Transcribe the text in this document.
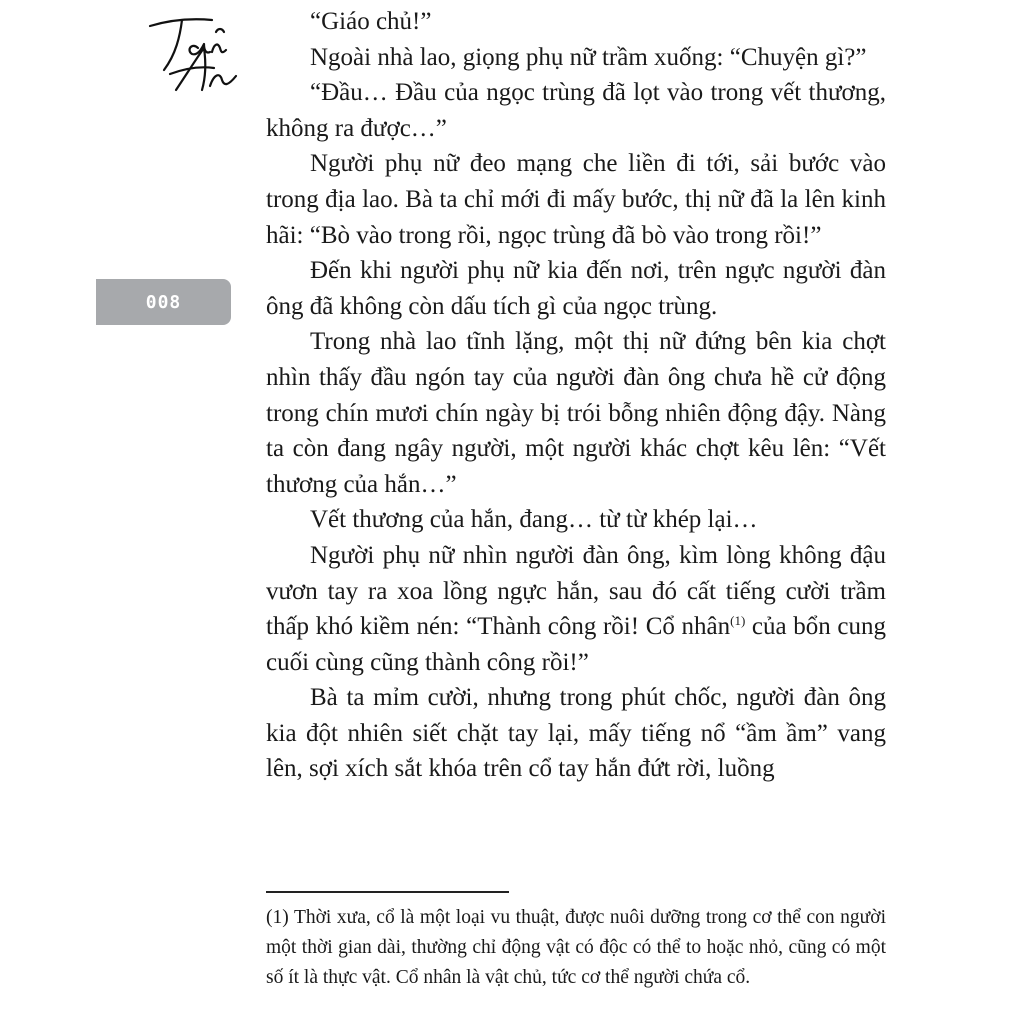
008

“Giáo chủ!”

Ngoài nhà lao, giọng phụ nữ trầm xuống: “Chuyện gì?”

“Đầu… Đầu của ngọc trùng đã lọt vào trong vết thương, không ra được…”

Người phụ nữ đeo mạng che liền đi tới, sải bước vào trong địa lao. Bà ta chỉ mới đi mấy bước, thị nữ đã la lên kinh hãi: “Bò vào trong rồi, ngọc trùng đã bò vào trong rồi!”

Đến khi người phụ nữ kia đến nơi, trên ngực người đàn ông đã không còn dấu tích gì của ngọc trùng.

Trong nhà lao tĩnh lặng, một thị nữ đứng bên kia chợt nhìn thấy đầu ngón tay của người đàn ông chưa hề cử động trong chín mươi chín ngày bị trói bỗng nhiên động đậy. Nàng ta còn đang ngây người, một người khác chợt kêu lên: “Vết thương của hắn…”

Vết thương của hắn, đang… từ từ khép lại…

Người phụ nữ nhìn người đàn ông, kìm lòng không đậu vươn tay ra xoa lồng ngực hắn, sau đó cất tiếng cười trầm thấp khó kiềm nén: “Thành công rồi! Cổ nhân$^{(1)}$ của bổn cung cuối cùng cũng thành công rồi!”

Bà ta mỉm cười, nhưng trong phút chốc, người đàn ông kia đột nhiên siết chặt tay lại, mấy tiếng nổ “ầm ầm” vang lên, sợi xích sắt khóa trên cổ tay hắn đứt rời, luồng

(1) Thời xưa, cổ là một loại vu thuật, được nuôi dưỡng trong cơ thể con người một thời gian dài, thường chỉ động vật có độc có thể to hoặc nhỏ, cũng có một số ít là thực vật. Cổ nhân là vật chủ, tức cơ thể người chứa cổ.
